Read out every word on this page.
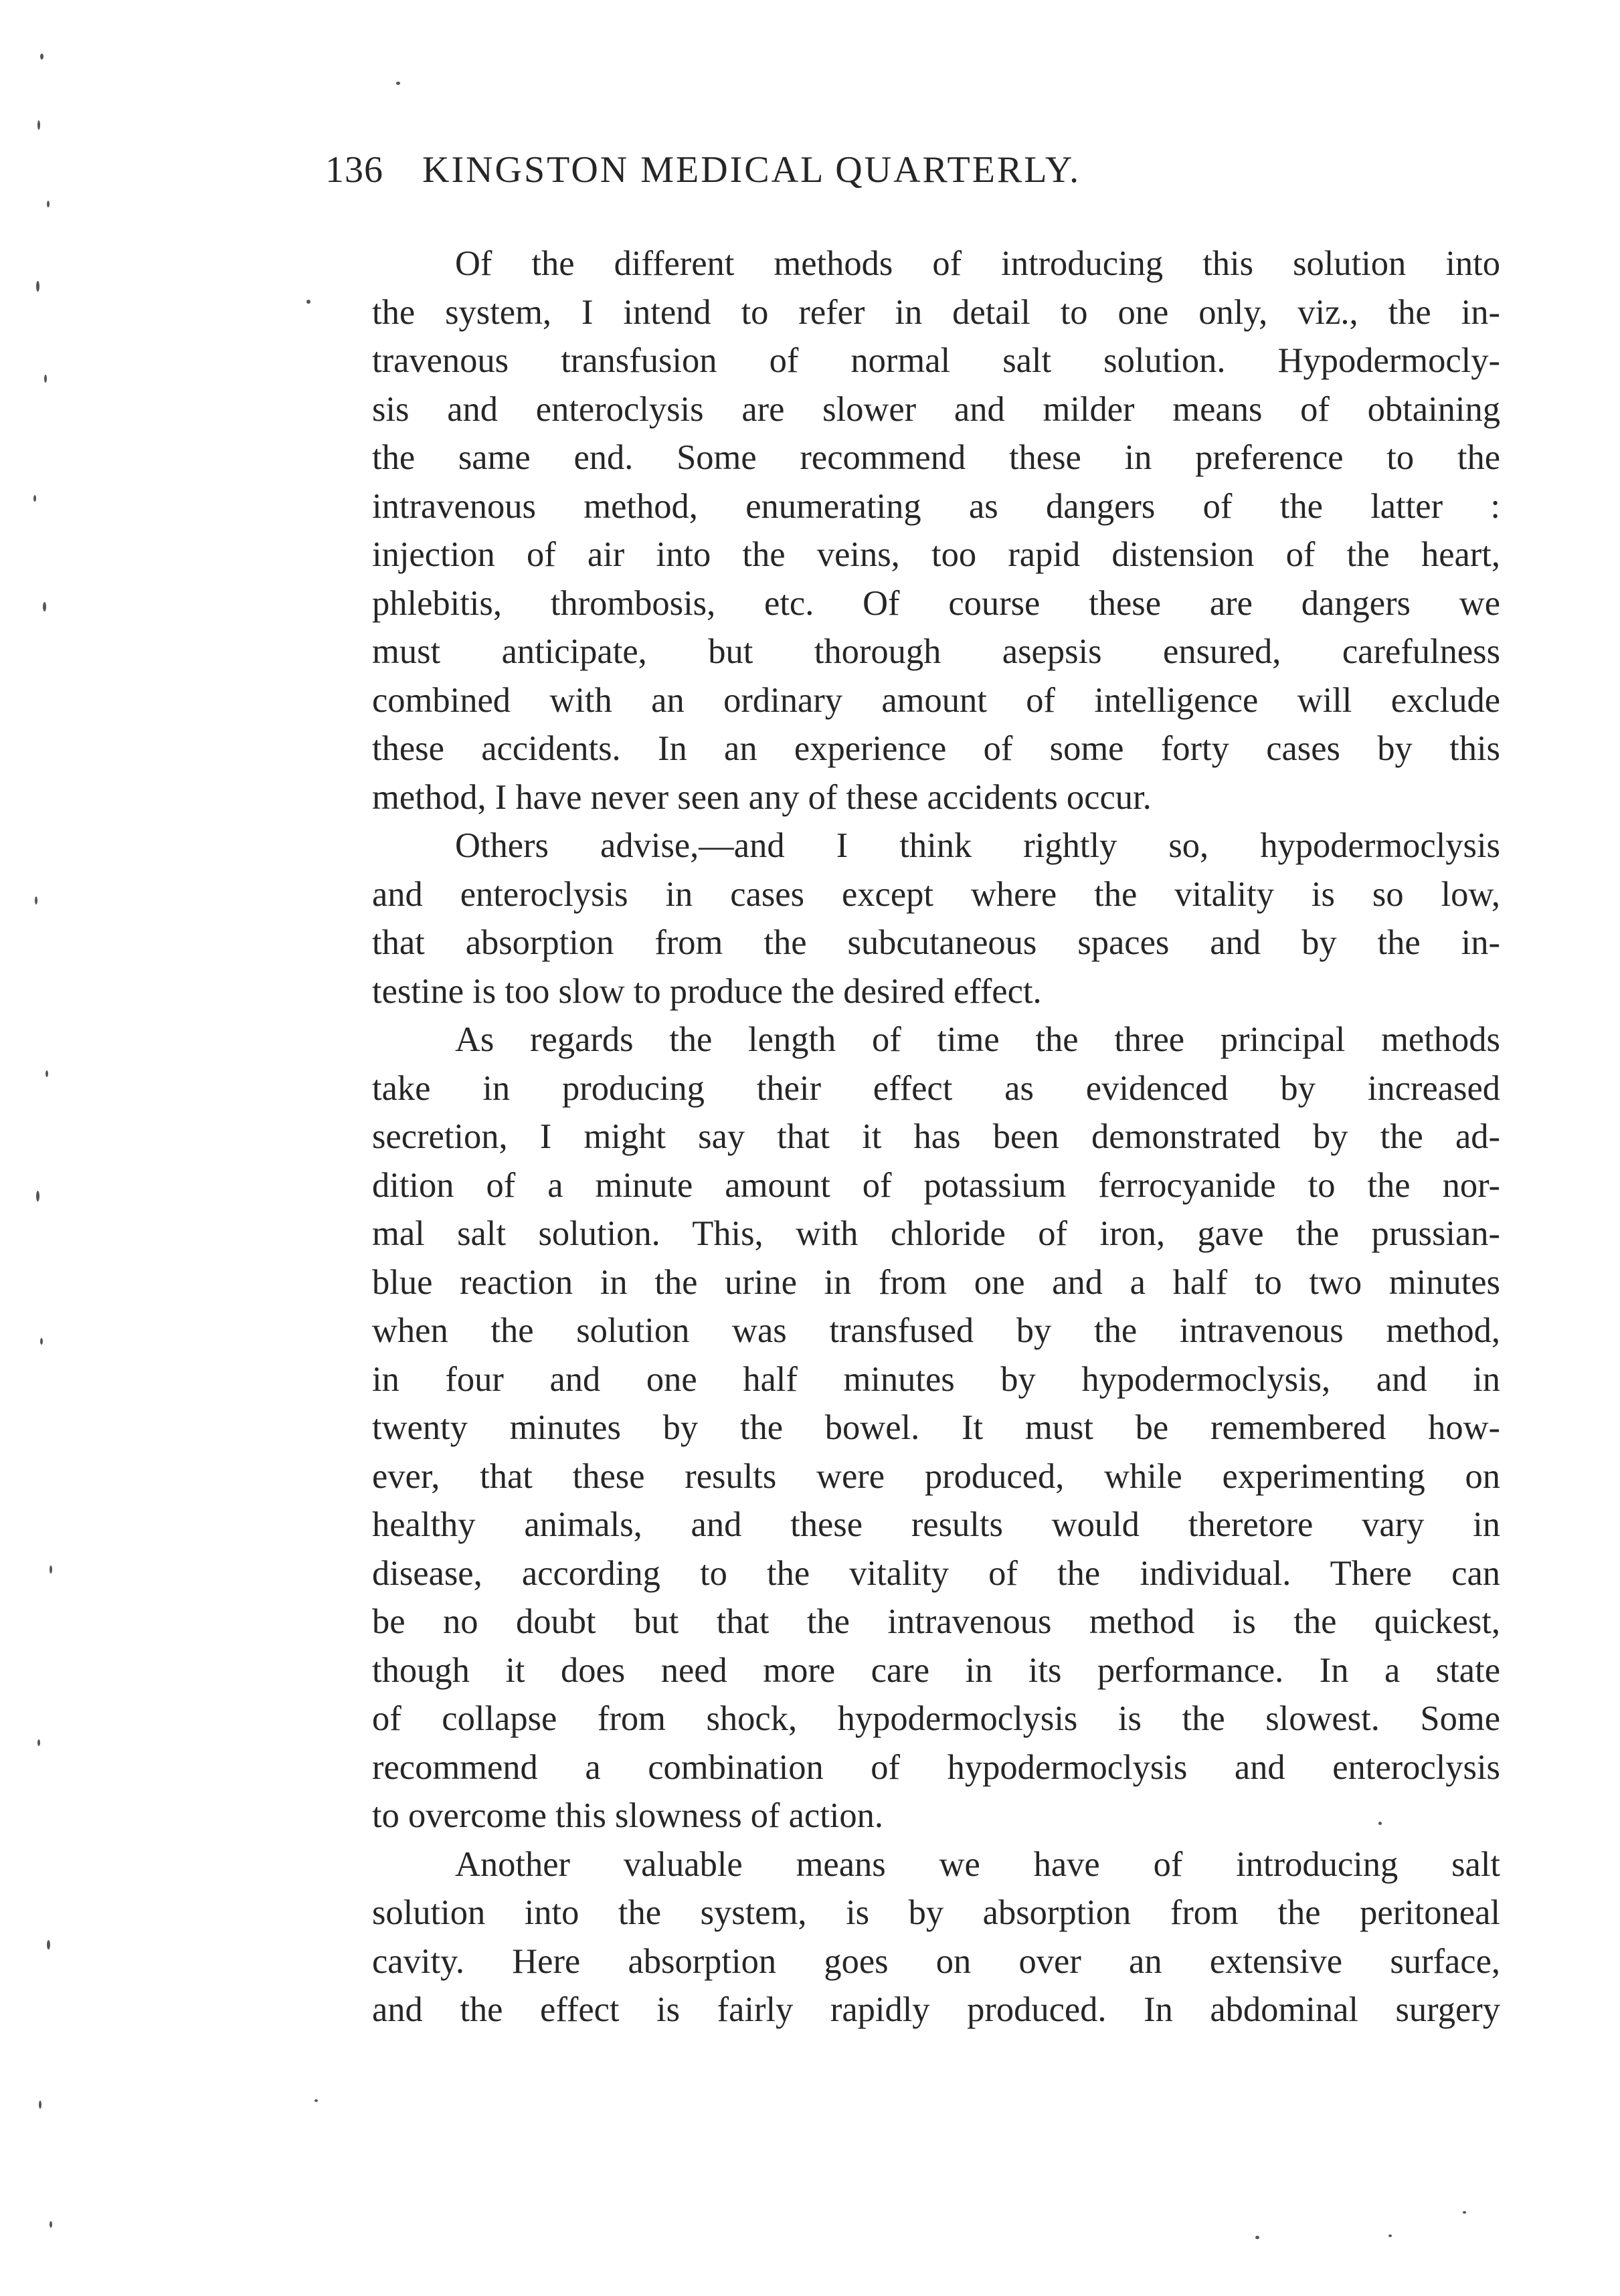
136 KINGSTON MEDICAL QUARTERLY.
Of the different methods of introducing this solution into
the system, I intend to refer in detail to one only, viz., the in-
travenous transfusion of normal salt solution. Hypodermocly-
sis and enteroclysis are slower and milder means of obtaining
the same end. Some recommend these in preference to the
intravenous method, enumerating as dangers of the latter :
injection of air into the veins, too rapid distension of the heart,
phlebitis, thrombosis, etc. Of course these are dangers we
must anticipate, but thorough asepsis ensured, carefulness
combined with an ordinary amount of intelligence will exclude
these accidents. In an experience of some forty cases by this
method, I have never seen any of these accidents occur.
Others advise,—and I think rightly so, hypodermoclysis
and enteroclysis in cases except where the vitality is so low,
that absorption from the subcutaneous spaces and by the in-
testine is too slow to produce the desired effect.
As regards the length of time the three principal methods
take in producing their effect as evidenced by increased
secretion, I might say that it has been demonstrated by the ad-
dition of a minute amount of potassium ferrocyanide to the nor-
mal salt solution. This, with chloride of iron, gave the prussian-
blue reaction in the urine in from one and a half to two minutes
when the solution was transfused by the intravenous method,
in four and one half minutes by hypodermoclysis, and in
twenty minutes by the bowel. It must be remembered how-
ever, that these results were produced, while experimenting on
healthy animals, and these results would theretore vary in
disease, according to the vitality of the individual. There can
be no doubt but that the intravenous method is the quickest,
though it does need more care in its performance. In a state
of collapse from shock, hypodermoclysis is the slowest. Some
recommend a combination of hypodermoclysis and enteroclysis
to overcome this slowness of action.
Another valuable means we have of introducing salt
solution into the system, is by absorption from the peritoneal
cavity. Here absorption goes on over an extensive surface,
and the effect is fairly rapidly produced. In abdominal surgery
